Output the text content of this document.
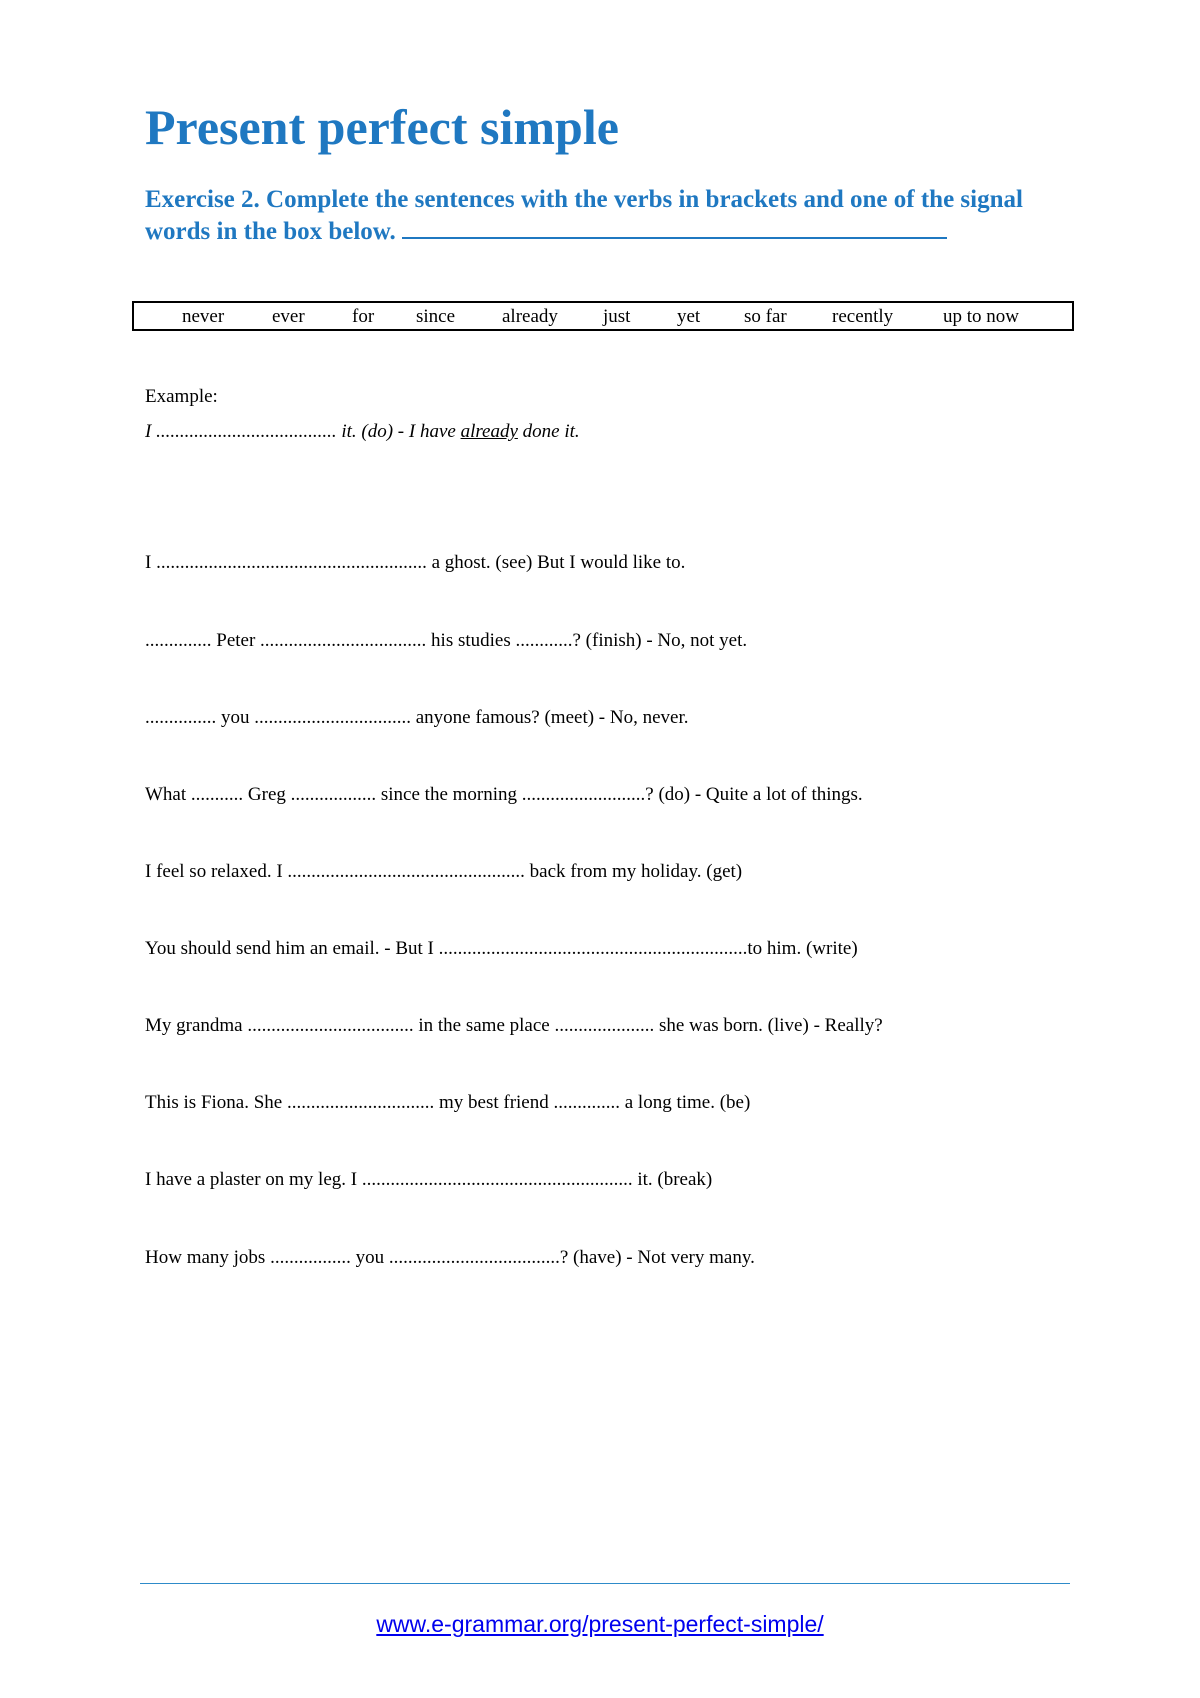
Present perfect simple

Exercise 2. Complete the sentences with the verbs in brackets and one of the signal words in the box below.

never	ever for since already just yet so far recently	up to now
Example:
I ...................................... it. (do) - I have already done it.
I ......................................................... a ghost. (see) But I would like to.
.............. Peter ................................... his studies ............? (finish) - No, not yet.
............... you ................................. anyone famous? (meet) - No, never.
What ........... Greg .................. since the morning ..........................? (do) - Quite a lot of things.
I feel so relaxed. I .................................................. back from my holiday. (get)
You should send him an email. - But I .................................................................to him. (write)
My grandma ................................... in the same place ..................... she was born. (live) - Really?
This is Fiona. She ............................... my best friend .............. a long time. (be)
I have a plaster on my leg. I ......................................................... it. (break)
How many jobs ................. you ....................................? (have) - Not very many.
www.e-grammar.org/present-perfect-simple/
